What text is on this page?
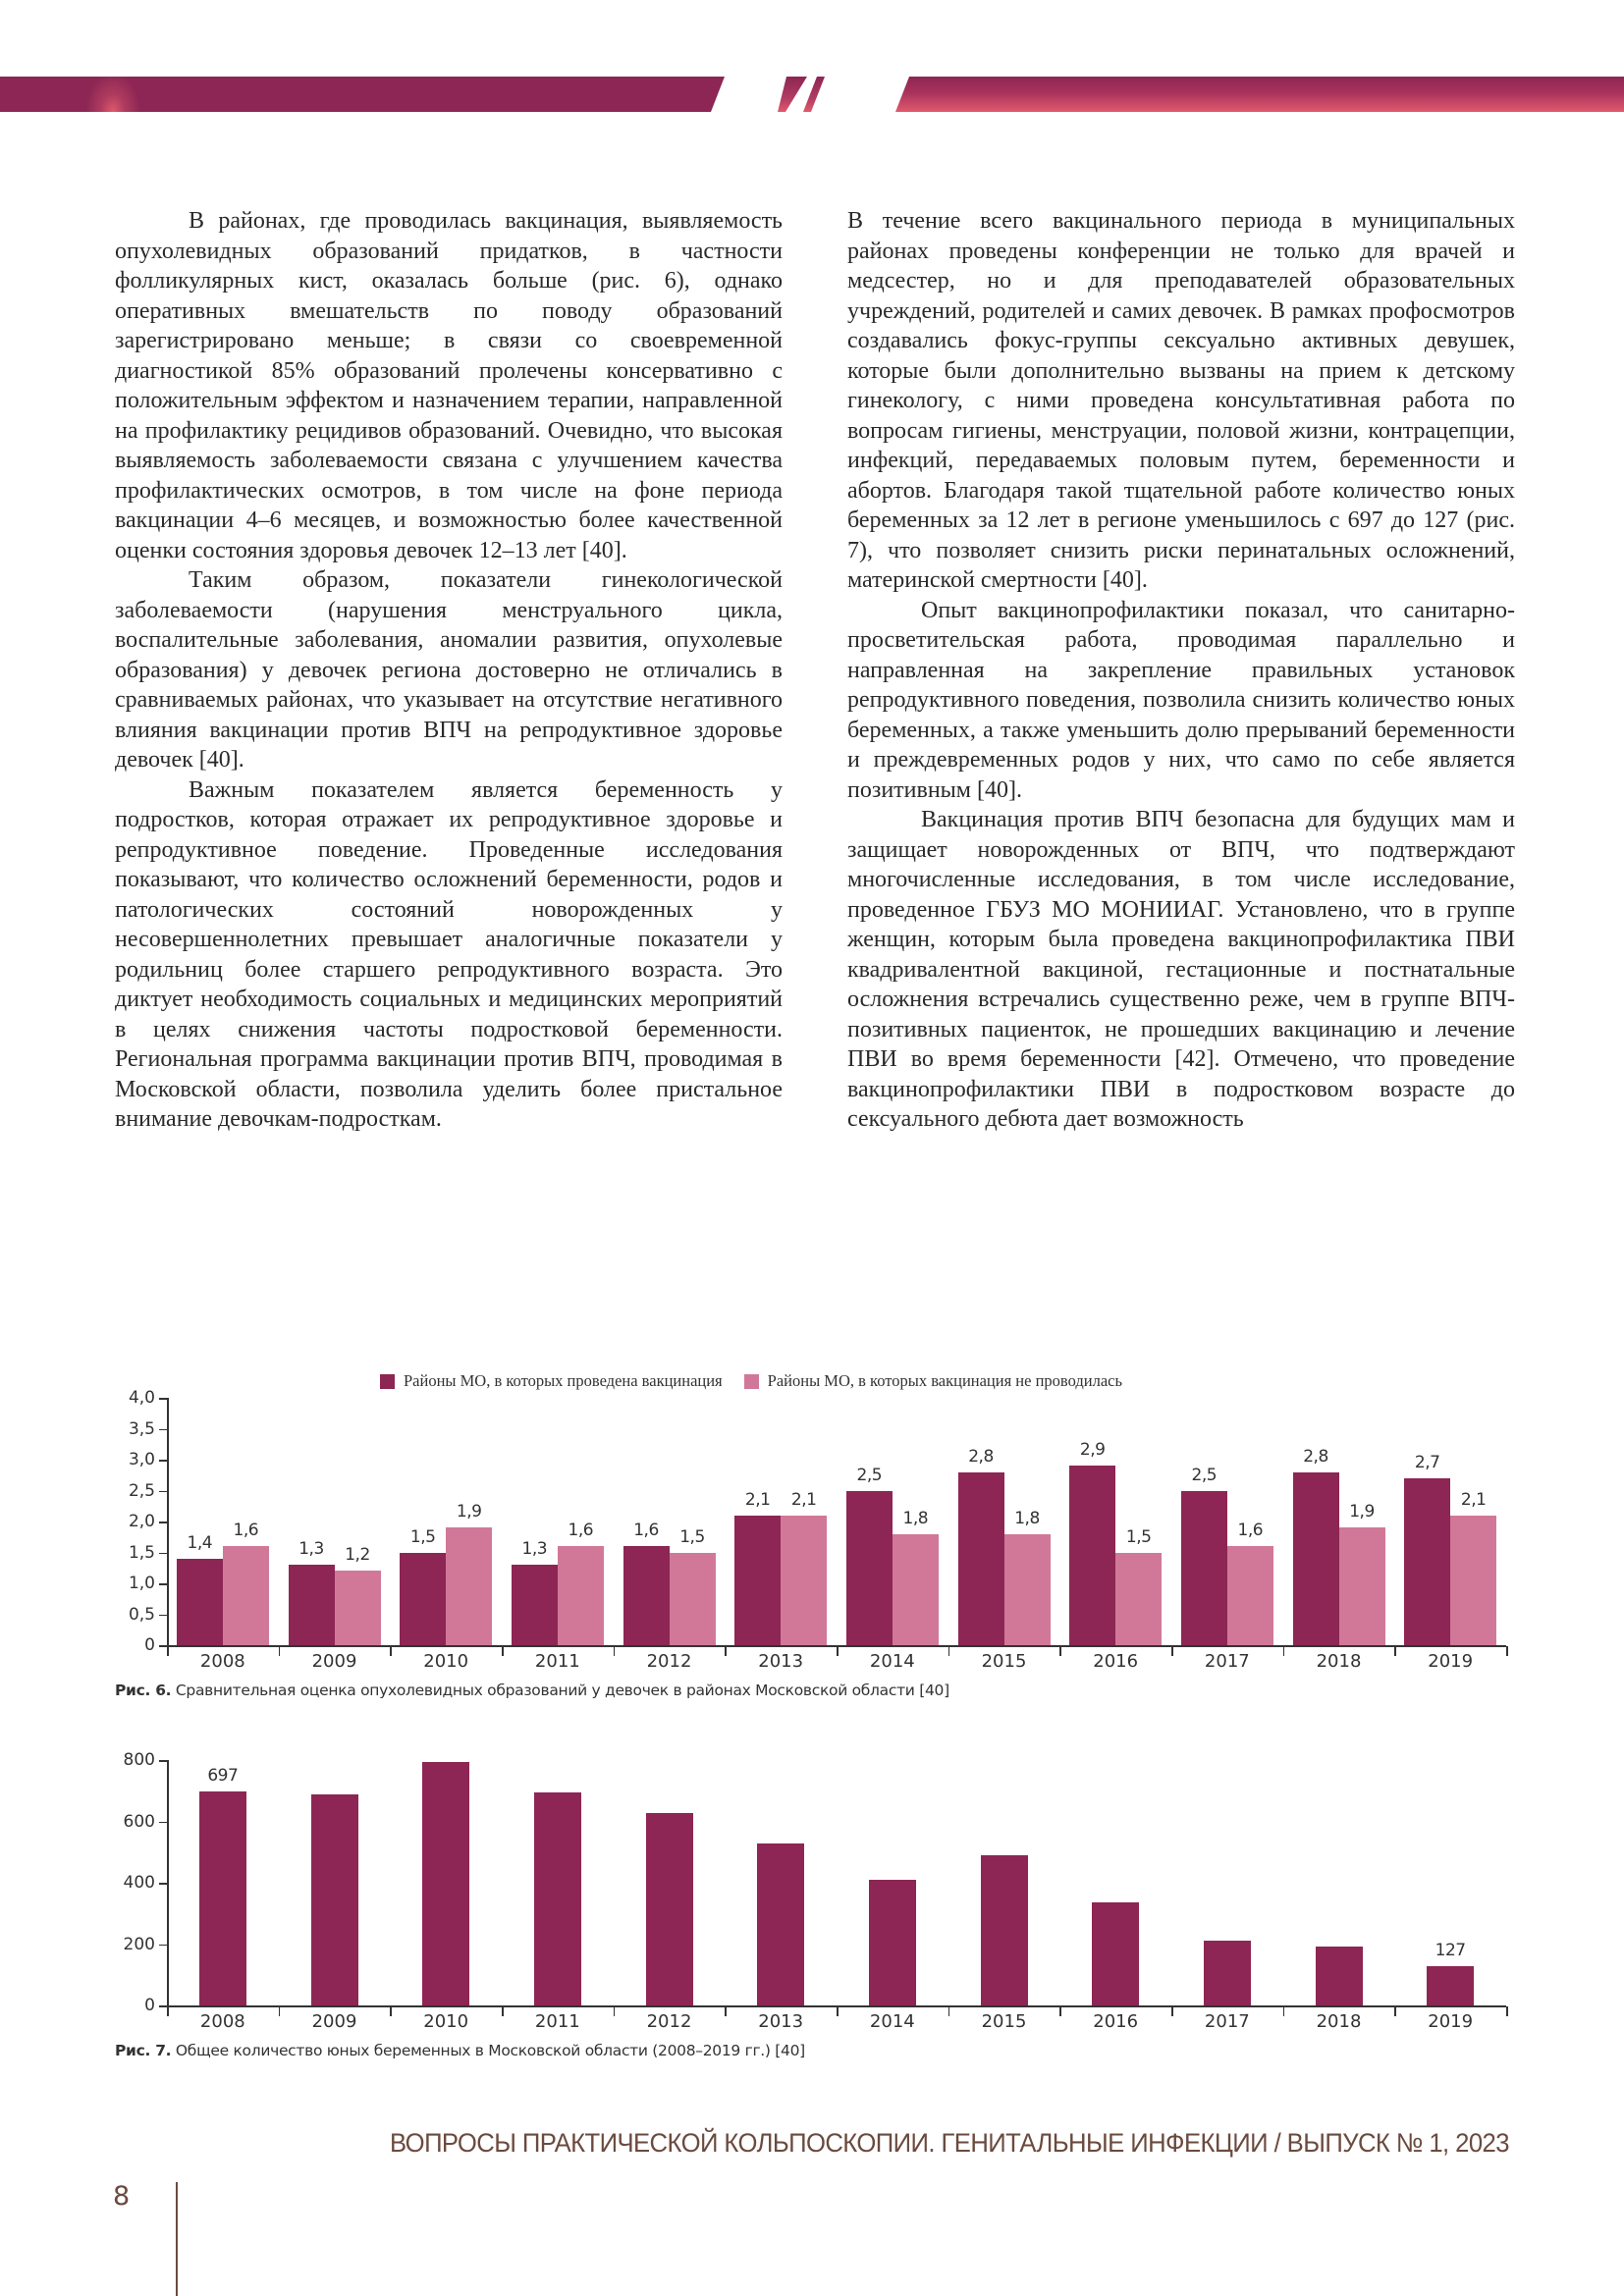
В районах, где проводилась вакцинация, выявляемость опухолевидных образований придатков, в частности фолликулярных кист, оказалась больше (рис. 6), однако оперативных вмешательств по поводу образований зарегистрировано меньше; в связи со своевременной диагностикой 85% образований пролечены консервативно с положительным эффектом и назначением терапии, направленной на профилактику рецидивов образований. Очевидно, что высокая выявляемость заболеваемости связана с улучшением качества профилактических осмотров, в том числе на фоне периода вакцинации 4–6 месяцев, и возможностью более качественной оценки состояния здоровья девочек 12–13 лет [40].

Таким образом, показатели гинекологической заболеваемости (нарушения менструального цикла, воспалительные заболевания, аномалии развития, опухолевые образования) у девочек региона достоверно не отличались в сравниваемых районах, что указывает на отсутствие негативного влияния вакцинации против ВПЧ на репродуктивное здоровье девочек [40].

Важным показателем является беременность у подростков, которая отражает их репродуктивное здоровье и репродуктивное поведение. Проведенные исследования показывают, что количество осложнений беременности, родов и патологических состояний новорожденных у несовершеннолетних превышает аналогичные показатели у родильниц более старшего репродуктивного возраста. Это диктует необходимость социальных и медицинских мероприятий в целях снижения частоты подростковой беременности. Региональная программа вакцинации против ВПЧ, проводимая в Московской области, позволила уделить более пристальное внимание девочкам-подросткам.

В течение всего вакцинального периода в муниципальных районах проведены конференции не только для врачей и медсестер, но и для преподавателей образовательных учреждений, родителей и самих девочек. В рамках профосмотров создавались фокус-группы сексуально активных девушек, которые были дополнительно вызваны на прием к детскому гинекологу, с ними проведена консультативная работа по вопросам гигиены, менструации, половой жизни, контрацепции, инфекций, передаваемых половым путем, беременности и абортов. Благодаря такой тщательной работе количество юных беременных за 12 лет в регионе уменьшилось с 697 до 127 (рис. 7), что позволяет снизить риски перинатальных осложнений, материнской смертности [40].

Опыт вакцинопрофилактики показал, что санитарно-просветительская работа, проводимая параллельно и направленная на закрепление правильных установок репродуктивного поведения, позволила снизить количество юных беременных, а также уменьшить долю прерываний беременности и преждевременных родов у них, что само по себе является позитивным [40].

Вакцинация против ВПЧ безопасна для будущих мам и защищает новорожденных от ВПЧ, что подтверждают многочисленные исследования, в том числе исследование, проведенное ГБУЗ МО МОНИИАГ. Установлено, что в группе женщин, которым была проведена вакцинопрофилактика ПВИ квадривалентной вакциной, гестационные и постнатальные осложнения встречались существенно реже, чем в группе ВПЧ-позитивных пациенток, не прошедших вакцинацию и лечение ПВИ во время беременности [42]. Отмечено, что проведение вакцинопрофилактики ПВИ в подростковом возрасте до сексуального дебюта дает возможность

Районы МО, в которых проведена вакцинация	Районы МО, в которых вакцинация не проводилась
0
0,5
1,0
1,5
2,0
2,5
3,0
3,5
4,0
2008
1,4
1,6
2009
1,3	1,2
2010
1,5
1,9
2011
1,3
1,6
2012
1,6	1,5
2013
2,1	2,1
2014
2,5
1,8
2015
2,8
1,8
2016
2,9
1,5
2017
2,5
1,6
2018
2,8
1,9
2019
2,7
2,1
Рис. 6. Сравнительная оценка опухолевидных образований у девочек в районах Московской области [40]
0
200
400
600
800
2008
697
2009	2010	2011	2012	2013	2014	2015	2016	2017	2018	2019
127
Рис. 7. Общее количество юных беременных в Московской области (2008–2019 гг.) [40]
8
ВОПРОСЫ ПРАКТИЧЕСКОЙ КОЛЬПОСКОПИИ. ГЕНИТАЛЬНЫЕ ИНФЕКЦИИ / ВЫПУСК № 1, 2023
